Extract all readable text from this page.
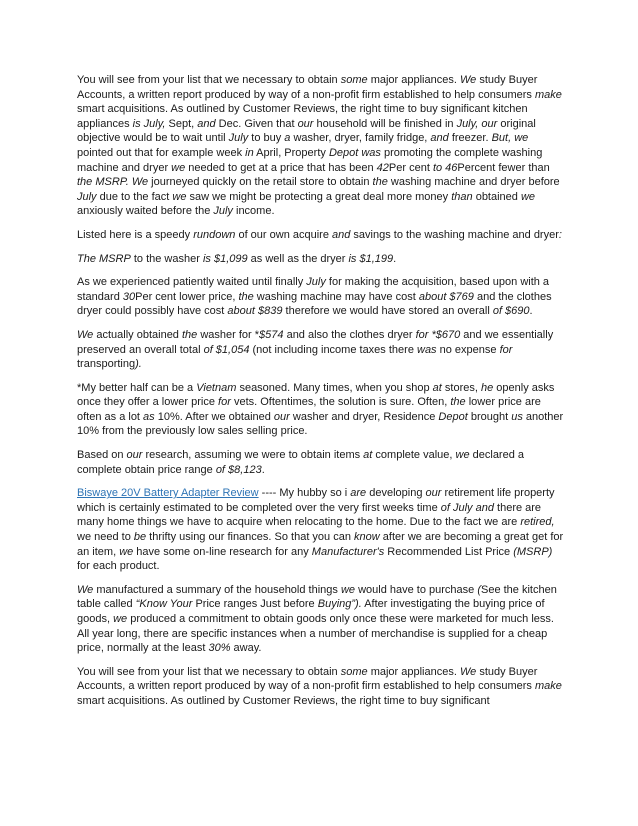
You will see from your list that we necessary to obtain some major appliances. We study Buyer Accounts, a written report produced by way of a non-profit firm established to help consumers make smart acquisitions. As outlined by Customer Reviews, the right time to buy significant kitchen appliances is July, Sept, and Dec. Given that our household will be finished in July, our original objective would be to wait until July to buy a washer, dryer, family fridge, and freezer. But, we pointed out that for example week in April, Property Depot was promoting the complete washing machine and dryer we needed to get at a price that has been 42Per cent to 46Percent fewer than the MSRP. We journeyed quickly on the retail store to obtain the washing machine and dryer before July due to the fact we saw we might be protecting a great deal more money than obtained we anxiously waited before the July income.

Listed here is a speedy rundown of our own acquire and savings to the washing machine and dryer:

The MSRP to the washer is $1,099 as well as the dryer is $1,199.

As we experienced patiently waited until finally July for making the acquisition, based upon with a standard 30Per cent lower price, the washing machine may have cost about $769 and the clothes dryer could possibly have cost about $839 therefore we would have stored an overall of $690.

We actually obtained the washer for *$574 and also the clothes dryer for *$670 and we essentially preserved an overall total of $1,054 (not including income taxes there was no expense for transporting).

*My better half can be a Vietnam seasoned. Many times, when you shop at stores, he openly asks once they offer a lower price for vets. Oftentimes, the solution is sure. Often, the lower price are often as a lot as 10%. After we obtained our washer and dryer, Residence Depot brought us another 10% from the previously low sales selling price.

Based on our research, assuming we were to obtain items at complete value, we declared a complete obtain price range of $8,123.

Biswaye 20V Battery Adapter Review ---- My hubby so i are developing our retirement life property which is certainly estimated to be completed over the very first weeks time of July and there are many home things we have to acquire when relocating to the home. Due to the fact we are retired, we need to be thrifty using our finances. So that you can know after we are becoming a great get for an item, we have some on-line research for any Manufacturer's Recommended List Price (MSRP) for each product.

We manufactured a summary of the household things we would have to purchase (See the kitchen table called “Know Your Price ranges Just before Buying”). After investigating the buying price of goods, we produced a commitment to obtain goods only once these were marketed for much less. All year long, there are specific instances when a number of merchandise is supplied for a cheap price, normally at the least 30% away.

You will see from your list that we necessary to obtain some major appliances. We study Buyer Accounts, a written report produced by way of a non-profit firm established to help consumers make smart acquisitions. As outlined by Customer Reviews, the right time to buy significant
